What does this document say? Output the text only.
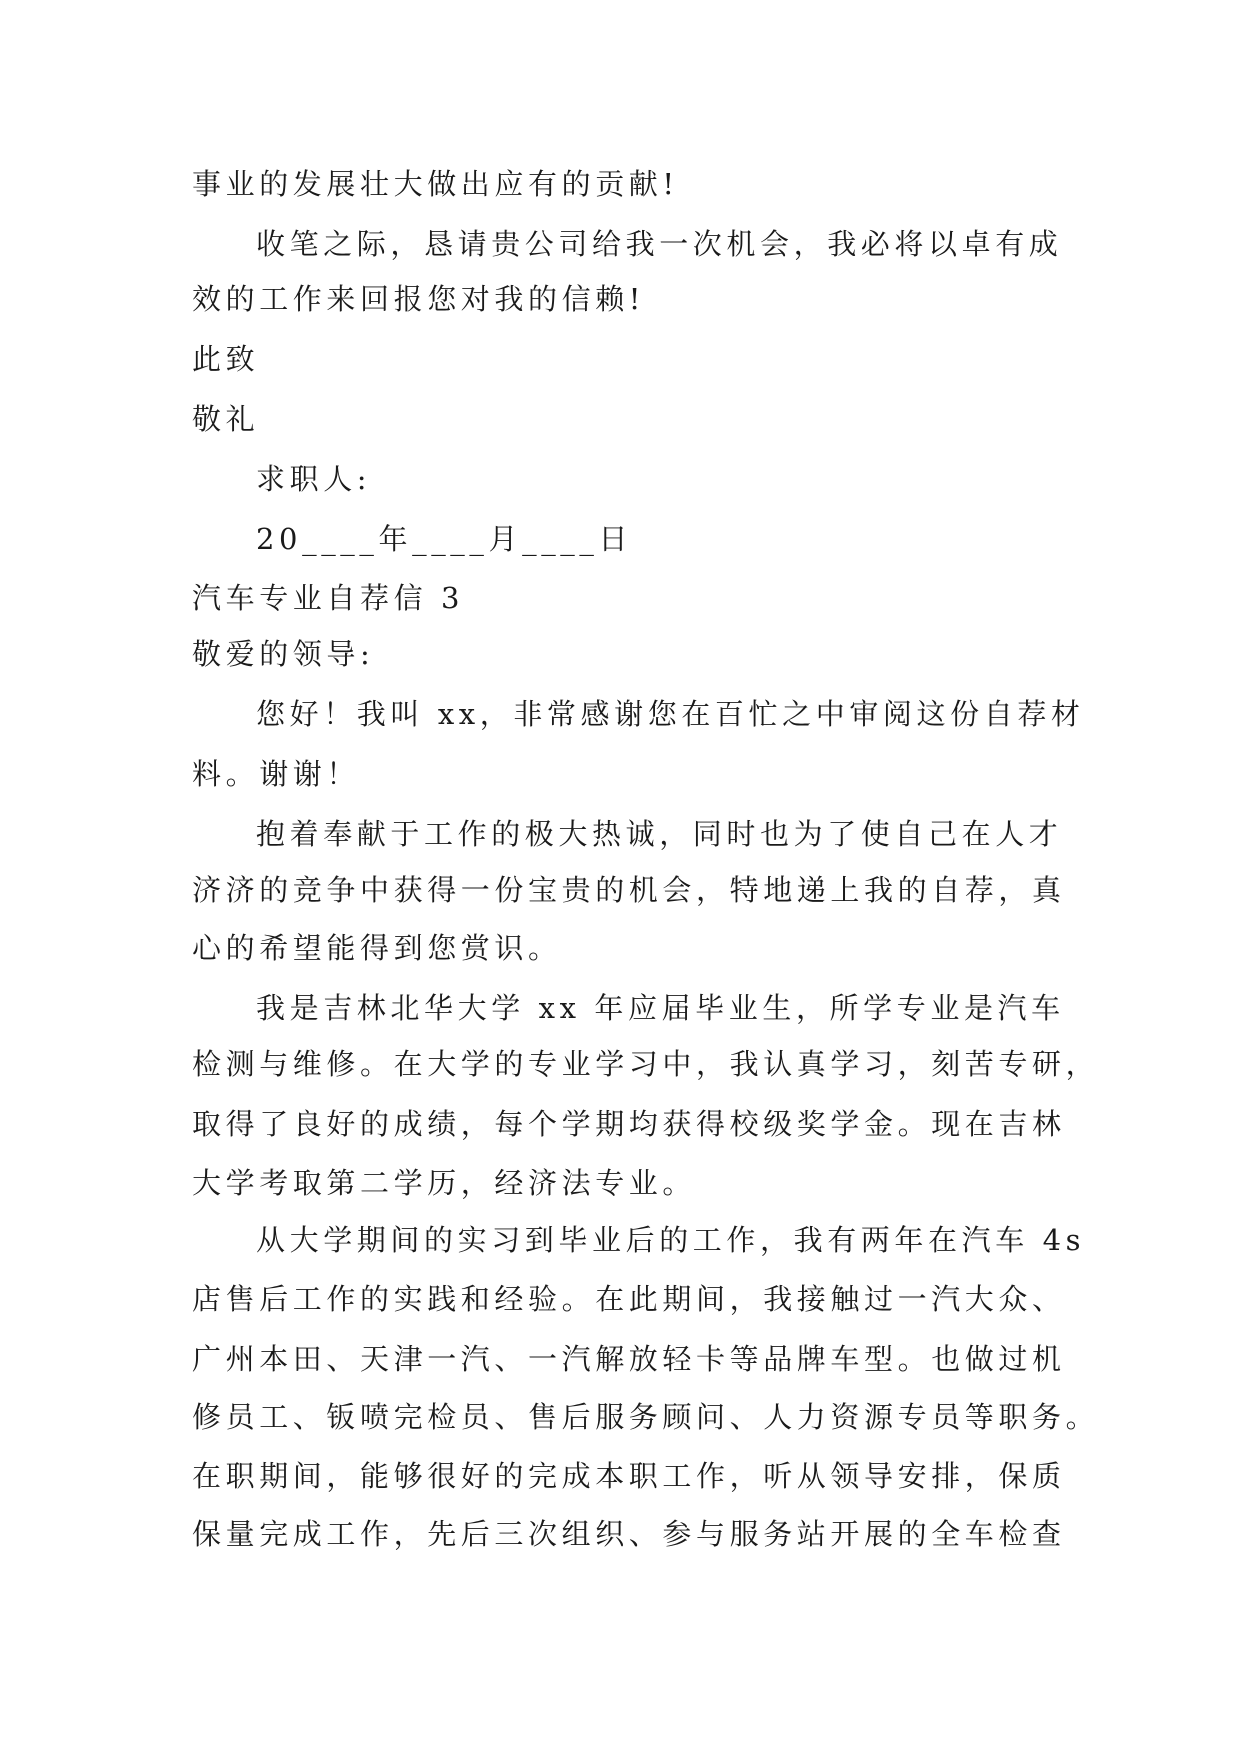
事业的发展壮大做出应有的贡献!
收笔之际，恳请贵公司给我一次机会，我必将以卓有成
效的工作来回报您对我的信赖!
此致
敬礼
求职人:
20____年____月____日
汽车专业自荐信 3
敬爱的领导:
您好！我叫 xx，非常感谢您在百忙之中审阅这份自荐材
料。谢谢！
抱着奉献于工作的极大热诚，同时也为了使自己在人才
济济的竞争中获得一份宝贵的机会，特地递上我的自荐，真
心的希望能得到您赏识。
我是吉林北华大学 xx 年应届毕业生，所学专业是汽车
检测与维修。在大学的专业学习中，我认真学习，刻苦专研，
取得了良好的成绩，每个学期均获得校级奖学金。现在吉林
大学考取第二学历，经济法专业。
从大学期间的实习到毕业后的工作，我有两年在汽车 4s
店售后工作的实践和经验。在此期间，我接触过一汽大众、
广州本田、天津一汽、一汽解放轻卡等品牌车型。也做过机
修员工、钣喷完检员、售后服务顾问、人力资源专员等职务。
在职期间，能够很好的完成本职工作，听从领导安排，保质
保量完成工作，先后三次组织、参与服务站开展的全车检查
